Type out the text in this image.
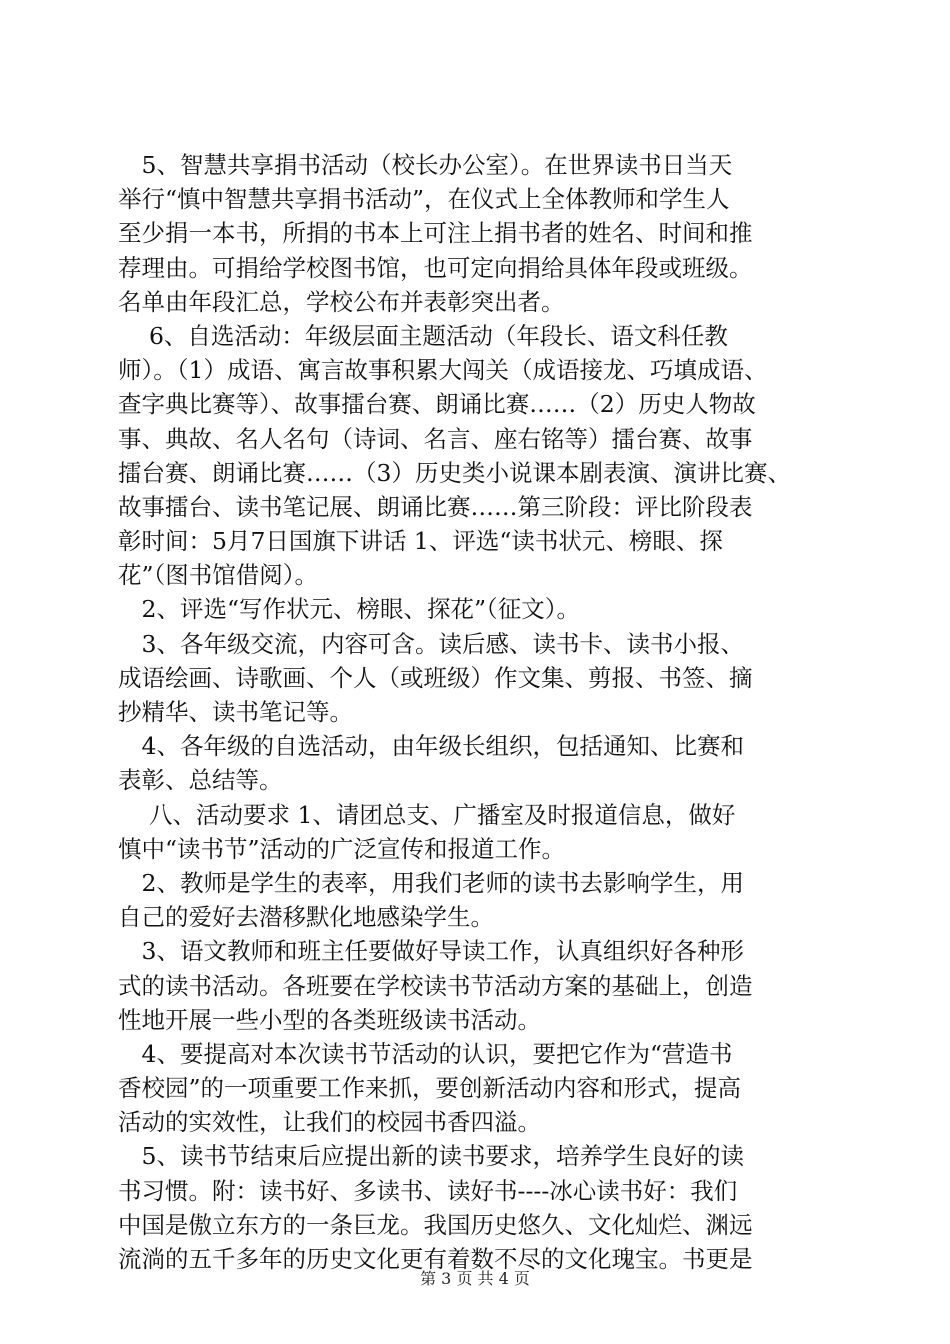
　5、智慧共享捐书活动（校长办公室）。在世界读书日当天
举行“慎中智慧共享捐书活动”，在仪式上全体教师和学生人
至少捐一本书，所捐的书本上可注上捐书者的姓名、时间和推
荐理由。可捐给学校图书馆，也可定向捐给具体年段或班级。
名单由年段汇总，学校公布并表彰突出者。
　 6、自选活动：年级层面主题活动（年段长、语文科任教
师）。（1）成语、寓言故事积累大闯关（成语接龙、巧填成语、
查字典比赛等）、故事擂台赛、朗诵比赛……（2）历史人物故
事、典故、名人名句（诗词、名言、座右铭等）擂台赛、故事
擂台赛、朗诵比赛……（3）历史类小说课本剧表演、演讲比赛、
故事擂台、读书笔记展、朗诵比赛……第三阶段：评比阶段表
彰时间：5月7日国旗下讲话 1、评选“读书状元、榜眼、探
花”（图书馆借阅）。
　2、评选“写作状元、榜眼、探花”（征文）。
　3、各年级交流，内容可含。读后感、读书卡、读书小报、
成语绘画、诗歌画、个人（或班级）作文集、剪报、书签、摘
抄精华、读书笔记等。
　4、各年级的自选活动，由年级长组织，包括通知、比赛和
表彰、总结等。
　 八、活动要求 1、请团总支、广播室及时报道信息，做好
慎中“读书节”活动的广泛宣传和报道工作。
　2、教师是学生的表率，用我们老师的读书去影响学生，用
自己的爱好去潜移默化地感染学生。
　3、语文教师和班主任要做好导读工作，认真组织好各种形
式的读书活动。各班要在学校读书节活动方案的基础上，创造
性地开展一些小型的各类班级读书活动。
　4、要提高对本次读书节活动的认识，要把它作为“营造书
香校园”的一项重要工作来抓，要创新活动内容和形式，提高
活动的实效性，让我们的校园书香四溢。
　5、读书节结束后应提出新的读书要求，培养学生良好的读
书习惯。附：读书好、多读书、读好书----冰心读书好：我们
中国是傲立东方的一条巨龙。我国历史悠久、文化灿烂、渊远
流淌的五千多年的历史文化更有着数不尽的文化瑰宝。书更是
第 3 页 共 4 页
